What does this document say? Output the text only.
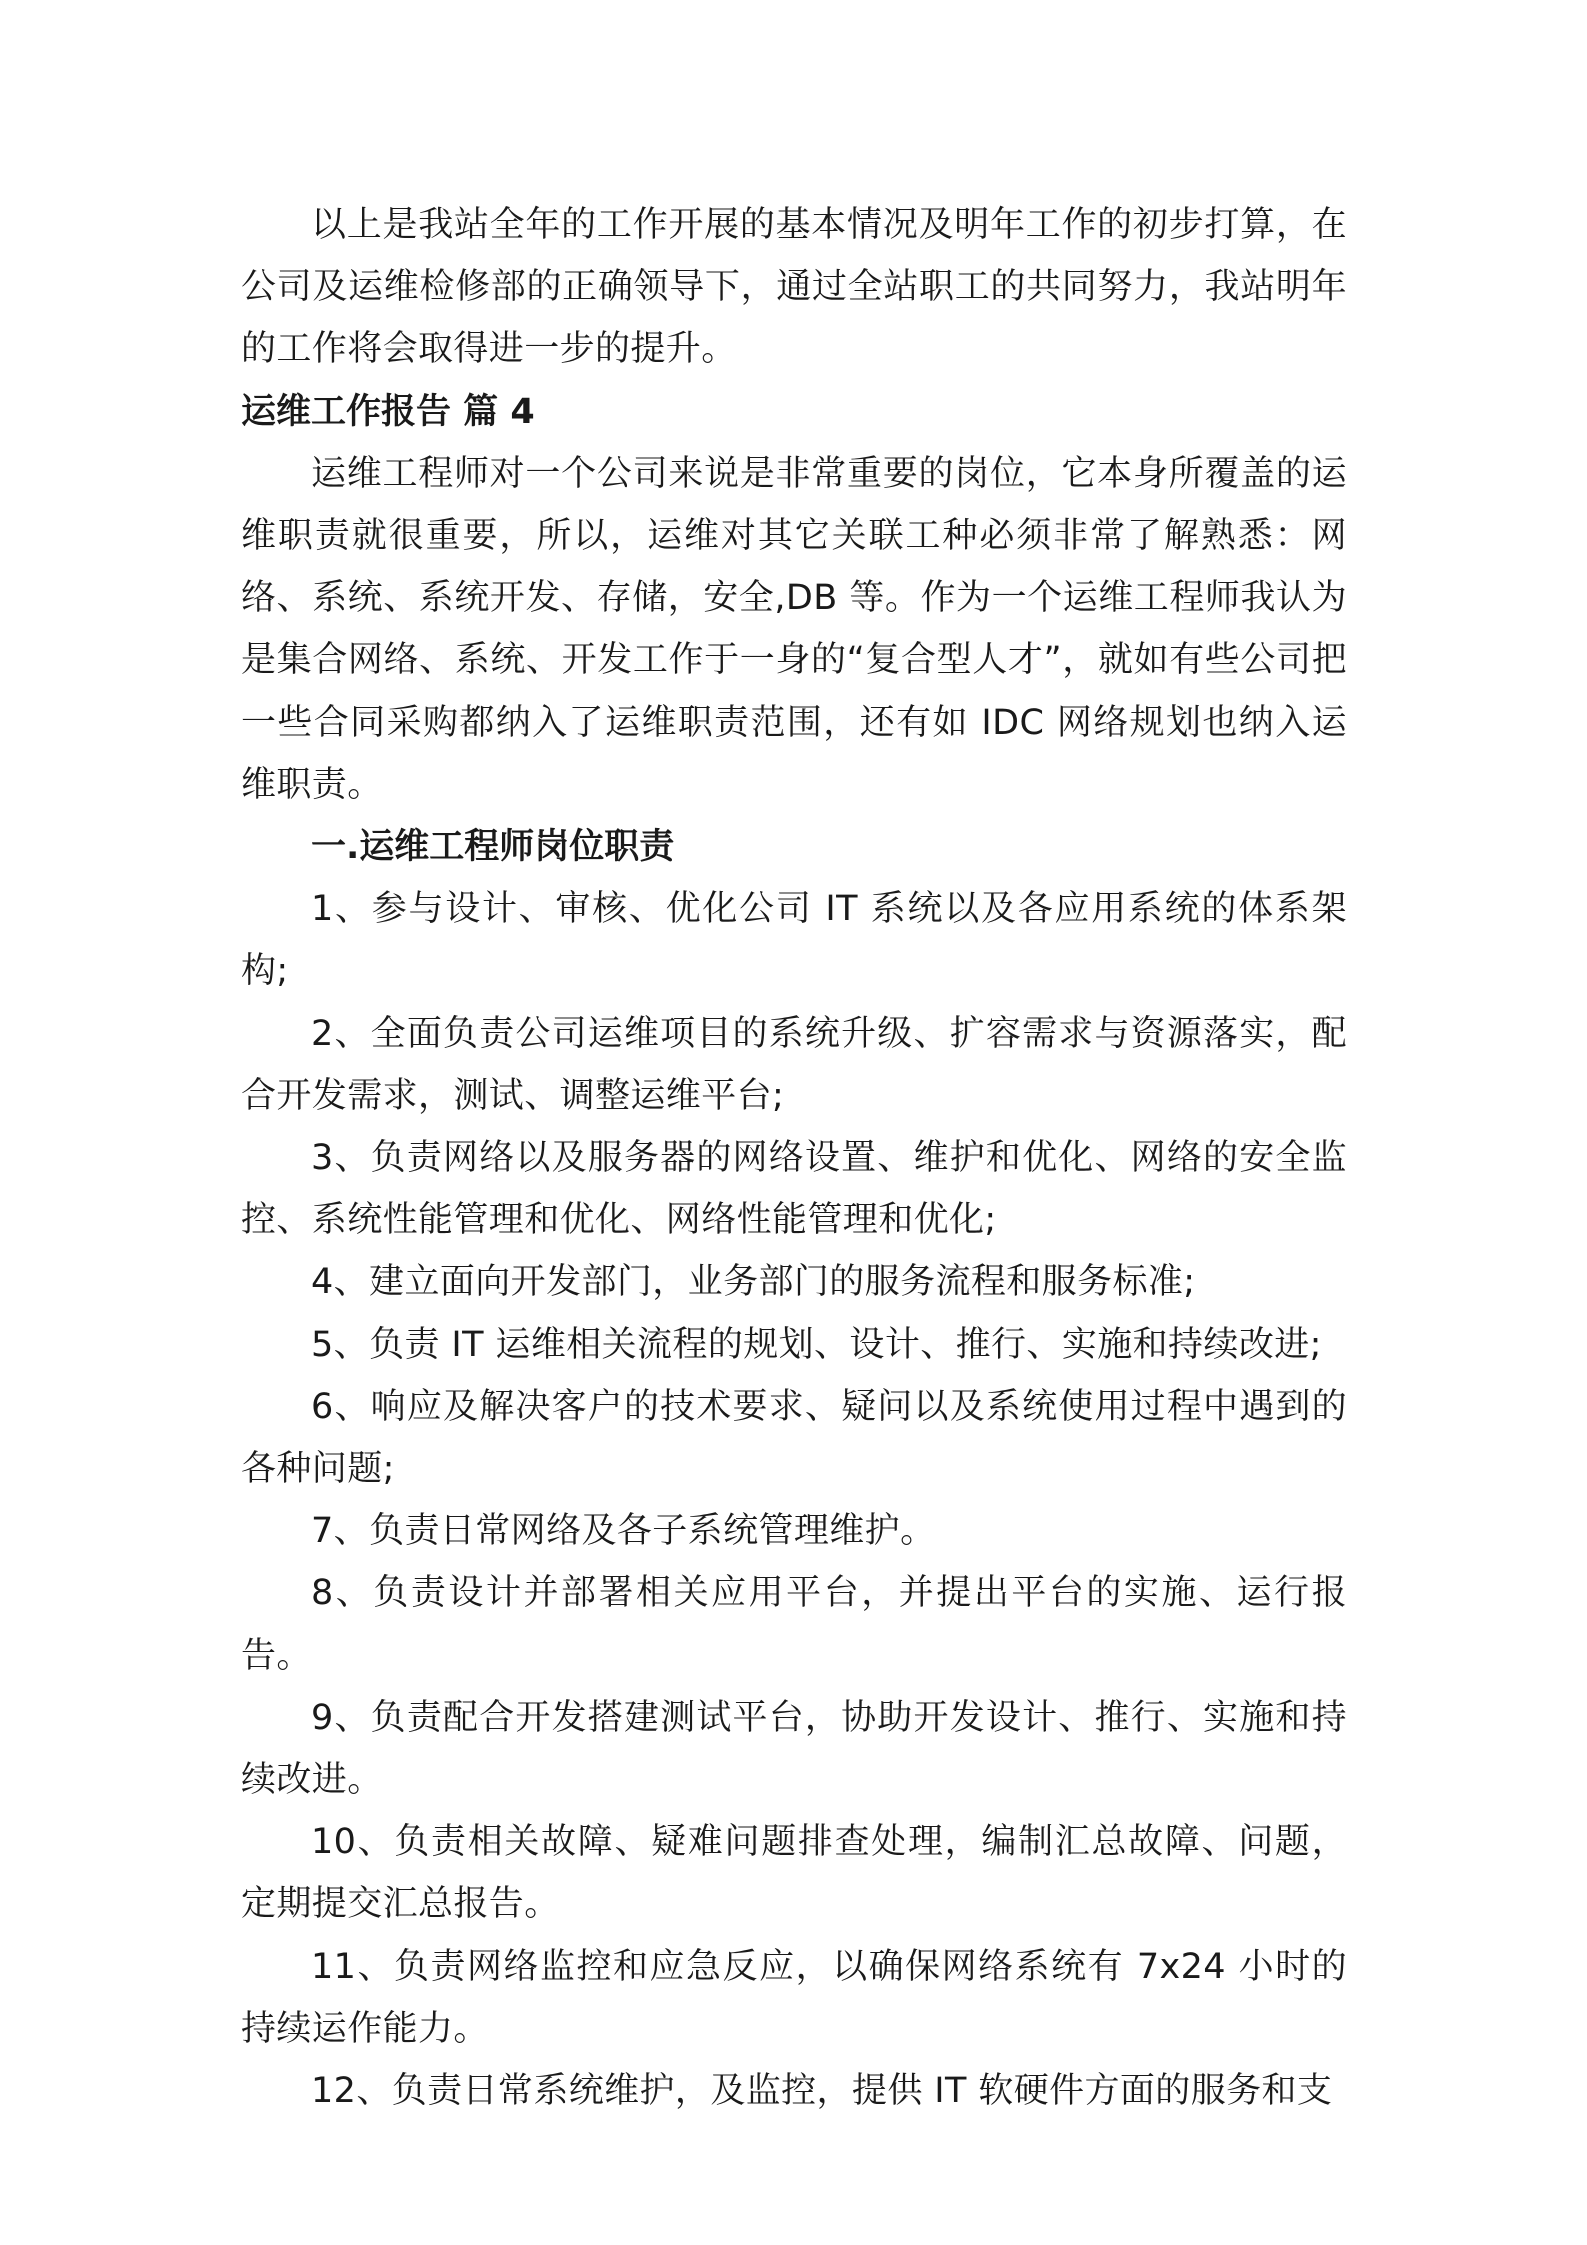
以上是我站全年的工作开展的基本情况及明年工作的初步打算，在公司及运维检修部的正确领导下，通过全站职工的共同努力，我站明年的工作将会取得进一步的提升。

运维工作报告 篇 4

运维工程师对一个公司来说是非常重要的岗位，它本身所覆盖的运维职责就很重要，所以，运维对其它关联工种必须非常了解熟悉：网络、系统、系统开发、存储，安全,DB 等。作为一个运维工程师我认为是集合网络、系统、开发工作于一身的“复合型人才”，就如有些公司把一些合同采购都纳入了运维职责范围，还有如 IDC 网络规划也纳入运维职责。

一.运维工程师岗位职责

1、参与设计、审核、优化公司 IT 系统以及各应用系统的体系架构;

2、全面负责公司运维项目的系统升级、扩容需求与资源落实，配合开发需求，测试、调整运维平台;

3、负责网络以及服务器的网络设置、维护和优化、网络的安全监控、系统性能管理和优化、网络性能管理和优化;

4、建立面向开发部门，业务部门的服务流程和服务标准;

5、负责 IT 运维相关流程的规划、设计、推行、实施和持续改进;

6、响应及解决客户的技术要求、疑问以及系统使用过程中遇到的各种问题;

7、负责日常网络及各子系统管理维护。

8、负责设计并部署相关应用平台，并提出平台的实施、运行报告。

9、负责配合开发搭建测试平台，协助开发设计、推行、实施和持续改进。

10、负责相关故障、疑难问题排查处理，编制汇总故障、问题，定期提交汇总报告。

11、负责网络监控和应急反应，以确保网络系统有 7x24 小时的持续运作能力。

12、负责日常系统维护，及监控，提供 IT 软硬件方面的服务和支
